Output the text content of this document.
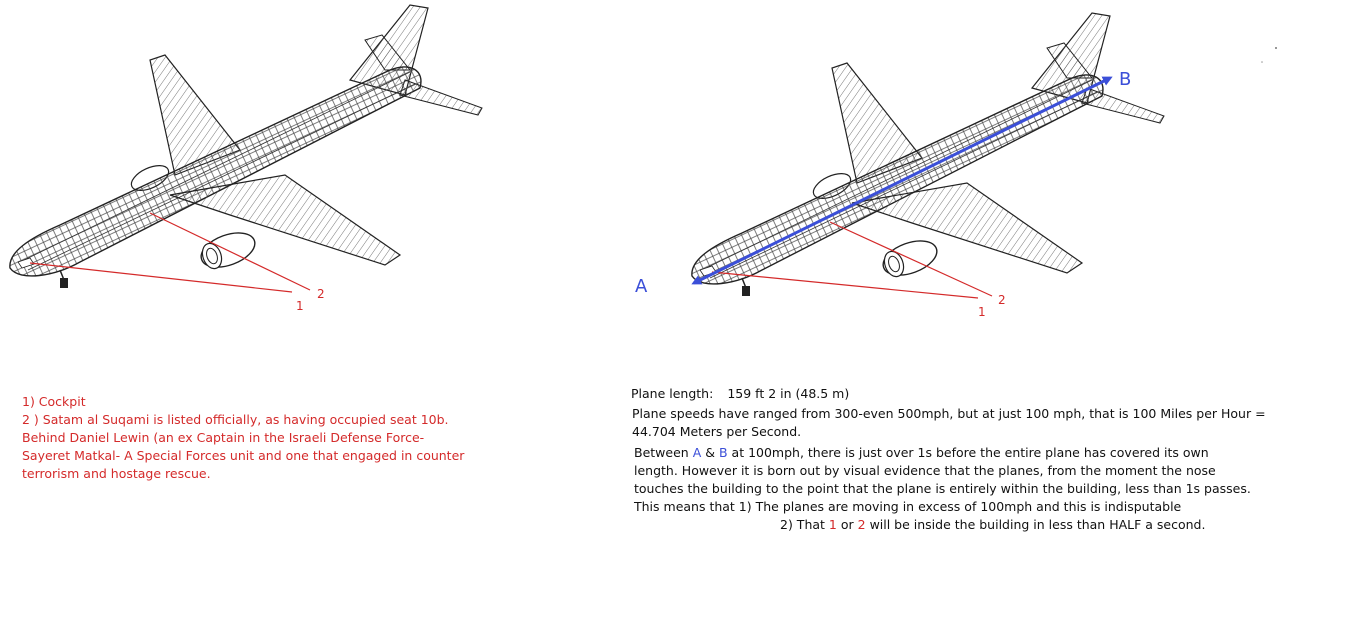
1
2
1
2
A
B
1) Cockpit
2 ) Satam al Suqami is listed officially, as having occupied seat 10b.
Behind Daniel Lewin (an ex Captain in the Israeli Defense Force-
Sayeret Matkal- A Special Forces unit and one that engaged in counter
terrorism and hostage rescue.
Plane length: 159 ft 2 in (48.5 m)
Plane speeds have ranged from 300-even 500mph, but at just 100 mph, that is 100 Miles per Hour =
44.704 Meters per Second.
Between A & B at 100mph, there is just over 1s before the entire plane has covered its own
length. However it is born out by visual evidence that the planes, from the moment the nose
touches the building to the point that the plane is entirely within the building, less than 1s passes.
This means that 1) The planes are moving in excess of 100mph and this is indisputable
2) That 1 or 2 will be inside the building in less than HALF a second.
